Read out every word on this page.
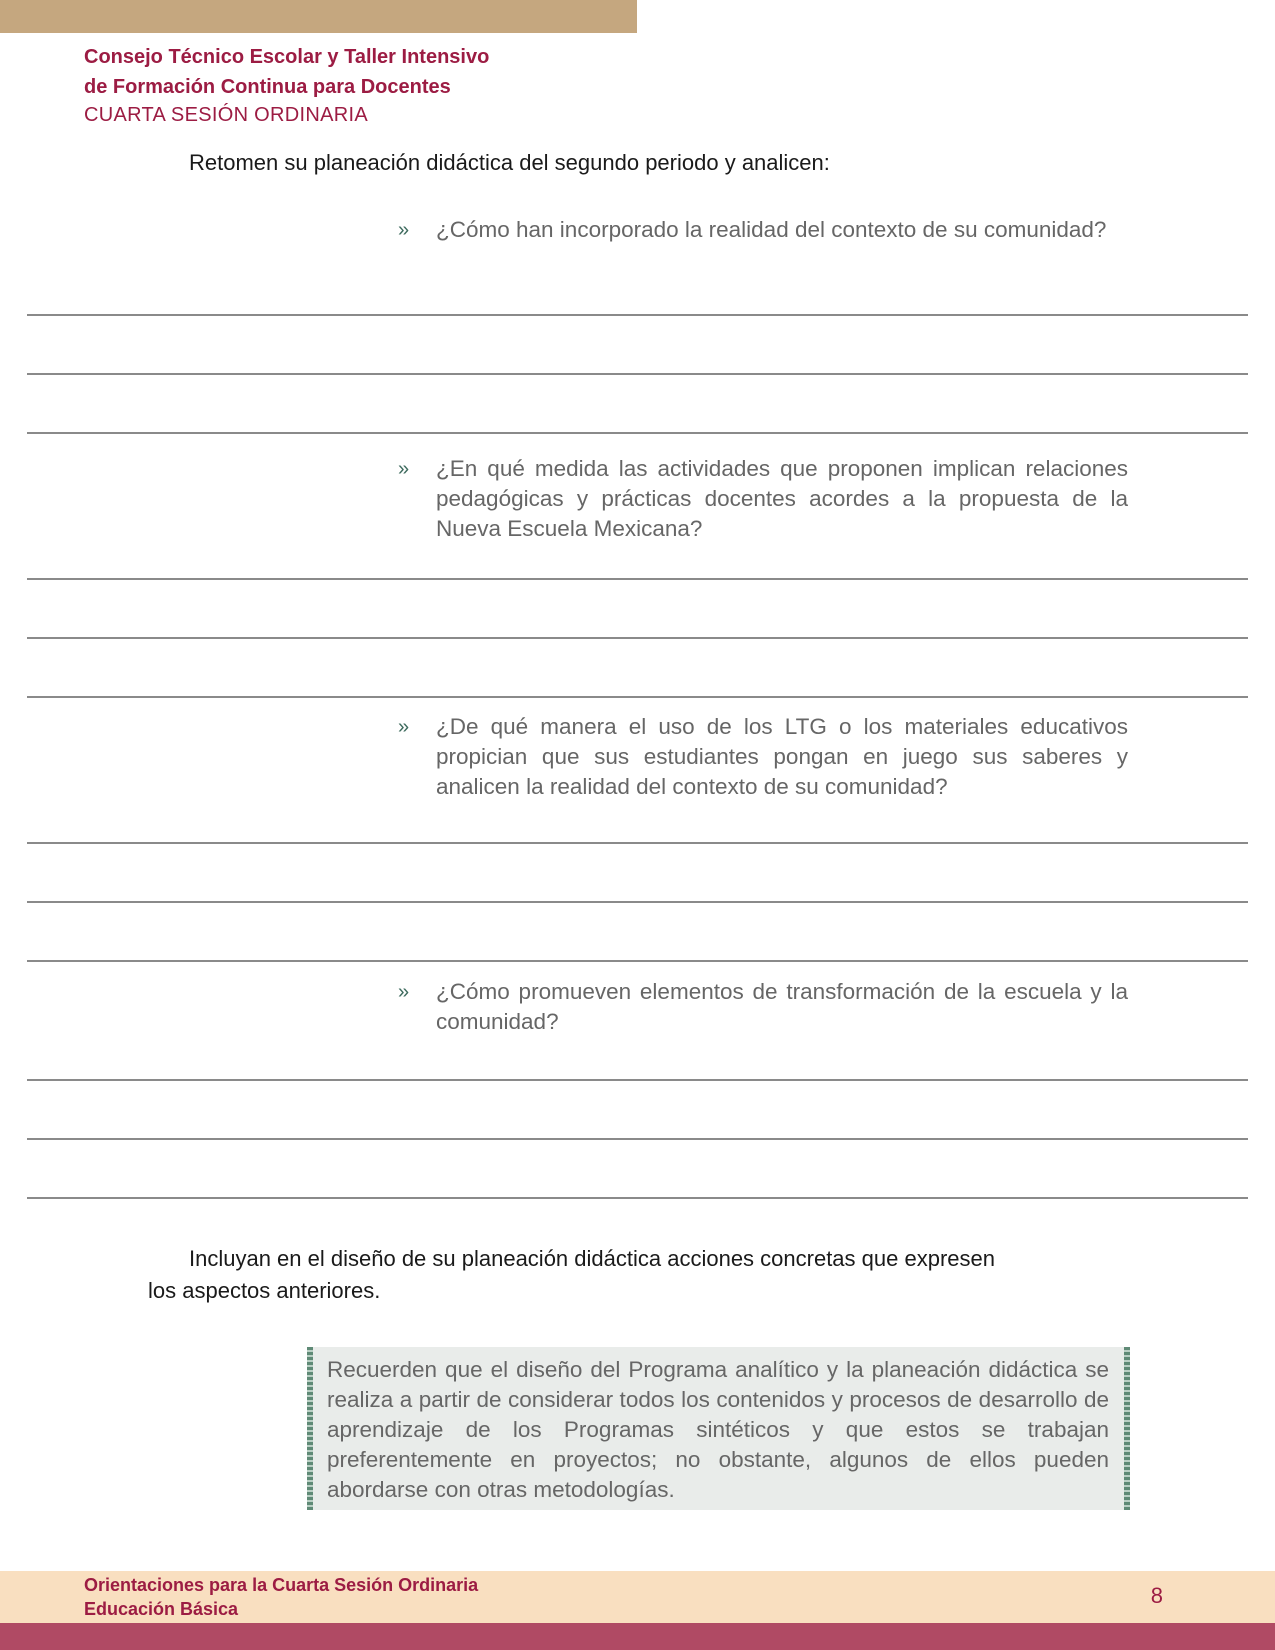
Consejo Técnico Escolar y Taller Intensivo
de Formación Continua para Docentes
CUARTA SESIÓN ORDINARIA
Retomen su planeación didáctica del segundo periodo y analicen:
» ¿Cómo han incorporado la realidad del contexto de su comunidad?
» ¿En qué medida las actividades que proponen implican relaciones pedagógicas y prácticas docentes acordes a la propuesta de la Nueva Escuela Mexicana?
» ¿De qué manera el uso de los LTG o los materiales educativos propician que sus estudiantes pongan en juego sus saberes y analicen la realidad del contexto de su comunidad?
» ¿Cómo promueven elementos de transformación de la escuela y la comunidad?
Incluyan en el diseño de su planeación didáctica acciones concretas que expresen los aspectos anteriores.
Recuerden que el diseño del Programa analítico y la planeación didáctica se realiza a partir de considerar todos los contenidos y procesos de desarrollo de aprendizaje de los Programas sintéticos y que estos se trabajan preferentemente en proyectos; no obstante, algunos de ellos pueden abordarse con otras metodologías.
Orientaciones para la Cuarta Sesión Ordinaria
Educación Básica
8
